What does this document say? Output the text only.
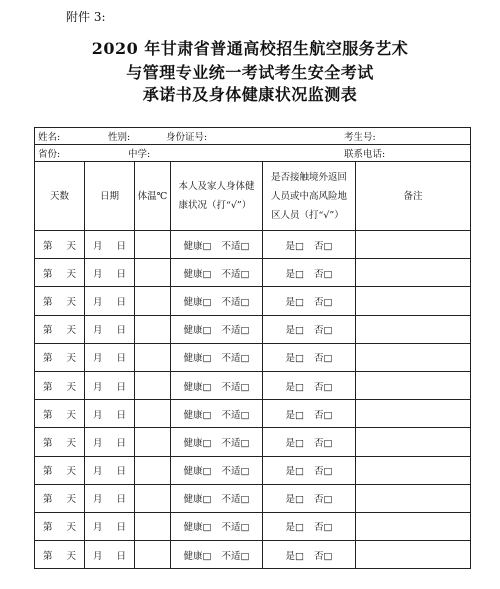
附件 3:
2020 年甘肃省普通高校招生航空服务艺术
与管理专业统一考试考生安全考试
承诺书及身体健康状况监测表
姓名: 性别: 身份证号: 考生号:					
省份: 中学: 联系电话:					
天数	日期	体温℃	本人及家人身体健
康状况（打“√”）	是否接触境外返回
人员或中高风险地
区人员（打“√”）	备注
第 天	月 日		健康□ 不适□	是□ 否□	
第 天	月 日		健康□ 不适□	是□ 否□	
第 天	月 日		健康□ 不适□	是□ 否□	
第 天	月 日		健康□ 不适□	是□ 否□	
第 天	月 日		健康□ 不适□	是□ 否□	
第 天	月 日		健康□ 不适□	是□ 否□	
第 天	月 日		健康□ 不适□	是□ 否□	
第 天	月 日		健康□ 不适□	是□ 否□	
第 天	月 日		健康□ 不适□	是□ 否□	
第 天	月 日		健康□ 不适□	是□ 否□	
第 天	月 日		健康□ 不适□	是□ 否□	
第 天	月 日		健康□ 不适□	是□ 否□	
